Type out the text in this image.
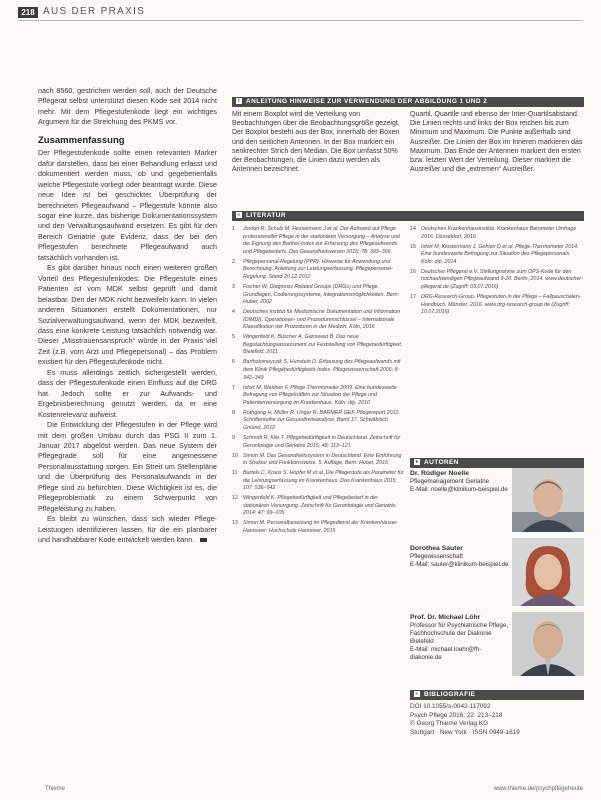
218 AUS DER PRAXIS

nach 8560, gestrichen werden soll, auch der Deutsche Pflegerat selbst unterstützt diesen Kode seit 2014 nicht mehr. Mit dem Pflegestufenkode liegt ein wichtiges Argument für die Streichung des PKMS vor.

Zusammenfassung

Der Pflegestufenkode sollte einen relevanten Marker dafür darstellen, dass bei einer Behandlung erfasst und dokumentiert werden muss, ob und gegebenenfalls welche Pflegestufe vorliegt oder beantragt wurde. Diese neue Idee ist bei geschickter Überprüfung der berechneten Pflegeaufwand – Pflegestufe könnte also sogar eine kurze, das bisherige Dokumentationssystem und den Verwaltungsaufwand ersetzen. Es gibt für den Bereich Geriatrie gute Evidenz, dass der bei den Pflegestufen berechnete Pflegeaufwand auch tatsächlich vorhanden ist.

Es gibt darüber hinaus noch einen weiteren großen Vorteil des Pflegestufenkodes: Die Pflegestufe eines Patienten ist vom MDK selbst geprüft und damit belastbar. Den der MDK nicht bezweifeln kann. In vielen anderen Situationen erstellt Dokumentationen, nur Sozialverwaltungsaufwand, wenn der MDK bezweifelt, dass eine konkrete Leistung tatsächlich notwendig war. Dieser „Misstrauensanspruch“ würde in der Praxis viel Zeit (z.B. vom Arzt und Pflegepersonal) – das Problem existiert für den Pflegestufenkode nicht.

Es muss allerdings zeitlich sichergestellt werden, dass der Pflegestufenkode einen Einfluss auf die DRG hat. Jedoch sollte er zur Aufwands- und Ergebnisberechnung genutzt werden, da er eine Kostenrelevanz aufweist.

Die Entwicklung der Pflegestufen in der Pflege wird mit dem großen Umbau durch das PSG II zum 1. Januar 2017 abgelöst werden. Das neue System der Pflegegrade soll für eine angemessene Personalausstattung sorgen. Ein Streit um Stellenpläne und die Überprüfung des Personalaufwands in der Pflege sind zu befürchten. Diese Wichtigkeit ist es, die Pflegeproblematik zu einem Schwerpunkt von Pflegeleistung zu haben.

Es bleibt zu wünschen, dass sich wieder Pflege-Leistungen identifizieren lassen, für die ein planbarer und handhabbarer Kode entwickelt werden kann.

i ANLEITUNG HINWEISE ZUR VERWENDUNG DER ABBILDUNG 1 UND 2
Mit einem Boxplot wird die Verteilung von Beobachtungen über die Beobachtungsgröße gezeigt. Der Boxplot besteht aus der Box, innerhalb der Boxen und den seitlichen Antennen. In der Box markiert ein senkrechter Strich den Median. Die Box umfasst 50% der Beobachtungen, die Linien dazu werden als Antennen bezeichnet.
Quartil, Quartile und ebenso der Inter-Quartilsabstand. Die Linien rechts und links der Box reichen bis zum Minimum und Maximum. Die Punkte außerhalb sind Ausreißer. Die Linien der Box im Inneren markieren das Maximum. Das Ende der Antennen markiert den ersten bzw. letzten Wert der Verteilung. Dieser markiert die Ausreißer und die „extremen“ Ausreißer.
≡ LITERATUR
1	Jordan R, Schulz M, Hesselmann J et al. Der Aufwand auf Pflege professioneller Pflege in der stationären Versorgung – Analyse und die Eignung des Barthel-Index zur Erfassung des Pflegeaufwands und Pflegebedarfs. Das Gesundheitswesen 2016; 78: 393–399
2	Pflegepersonal-Regelung (PPR). Hinweise für Anwendung und Berechnung. Anleitung zur Leistungserfassung. Pflegepersonal-Regelung. Stand 20.12.2012
3	Fischer W. Diagnosis Related Groups (DRGs) und Pflege. Grundlagen, Codierungssysteme, Integrationsmöglichkeiten. Bern: Huber, 2002
4	Deutsches Institut für Medizinische Dokumentation und Information (DIMDI). Operationen- und Prozedurenschlüssel – Internationale Klassifikation der Prozeduren in der Medizin. Köln, 2016
5	Wingenfeld K, Büscher A, Gansweid B. Das neue Begutachtungsassessment zur Feststellung von Pflegebedürftigkeit. Bielefeld, 2011
6	Bartholomeyczik S, Hunstein D. Erfassung des Pflegeaufwands mit dem Klinik Pflegebedürftigkeits-Index. Pflegewissenschaft 2006; 8: 342–349
7	Isfort M, Weidner F. Pflege-Thermometer 2009. Eine bundesweite Befragung von Pflegekräften zur Situation der Pflege und Patientenversorgung im Krankenhaus. Köln: dip, 2010
8	Rothgang H, Müller R, Unger R. BARMER GEK Pflegereport 2012. Schriftenreihe zur Gesundheitsanalyse, Band 17. Schwäbisch Gmünd, 2012
9	Schmidt R, Klie T. Pflegebedürftigkeit in Deutschland. Zeitschrift für Gerontologie und Geriatrie 2015; 48: 113–121
10 Simon M. Das Gesundheitssystem in Deutschland. Eine Einführung in Struktur und Funktionsweise. 5. Auflage. Bern: Huber, 2016
11	Bartels C, Kraus S, Hopfer M et al. Die Pflegestufe als Parameter für die Leistungserfassung im Krankenhaus. Das Krankenhaus 2015; 107: 536–542
12 Wingenfeld K. Pflegebedürftigkeit und Pflegebedarf in der stationären Versorgung. Zeitschrift für Gerontologie und Geriatrie, 2014; 47: 99–105
13 Simon M. Personalbesetzung im Pflegedienst der Krankenhäuser. Hannover: Hochschule Hannover, 2015
14 Deutsches Krankenhausinstitut. Krankenhaus Barometer Umfrage 2016. Düsseldorf, 2016
15 Isfort M, Klostermann J, Gehlen D et al. Pflege-Thermometer 2014. Eine bundesweite Befragung zur Situation des Pflegepersonals. Köln: dip, 2014
16 Deutscher Pflegerat e.V. Stellungnahme zum OPS-Kode für den hochaufwendigen Pflegeaufwand 9-20. Berlin, 2014. www.deutscher-pflegerat.de (Zugriff: 03.07.2016)
17 DRG-Research-Group. Pflegestufen in der Pflege – Fallpauschalen-Handbuch. Münster, 2016. www.drg-research-group.de (Zugriff: 10.07.2016)
● AUTOREN
Dr. Rüdiger Noelle
Pflegemanagement Geriatrie
E-Mail: noelle@klinikum-beispiel.de
Dorothea Sauter
Pflegewissenschaft
E-Mail: sauter@klinikum-beispiel.de
Prof. Dr. Michael Löhr
Professor für Psychiatrische Pflege, Fachhochschule der Diakonie Bielefeld
E-Mail: michael.loehr@fh-diakonie.de
≡ BIBLIOGRAFIE
DOI 10.1055/s-0042-117092
Psych Pflege 2016; 22: 213–218
© Georg Thieme Verlag KG
Stuttgart · New York · ISSN 0949-1619
Thieme	www.thieme.de/psychpflegeheute
